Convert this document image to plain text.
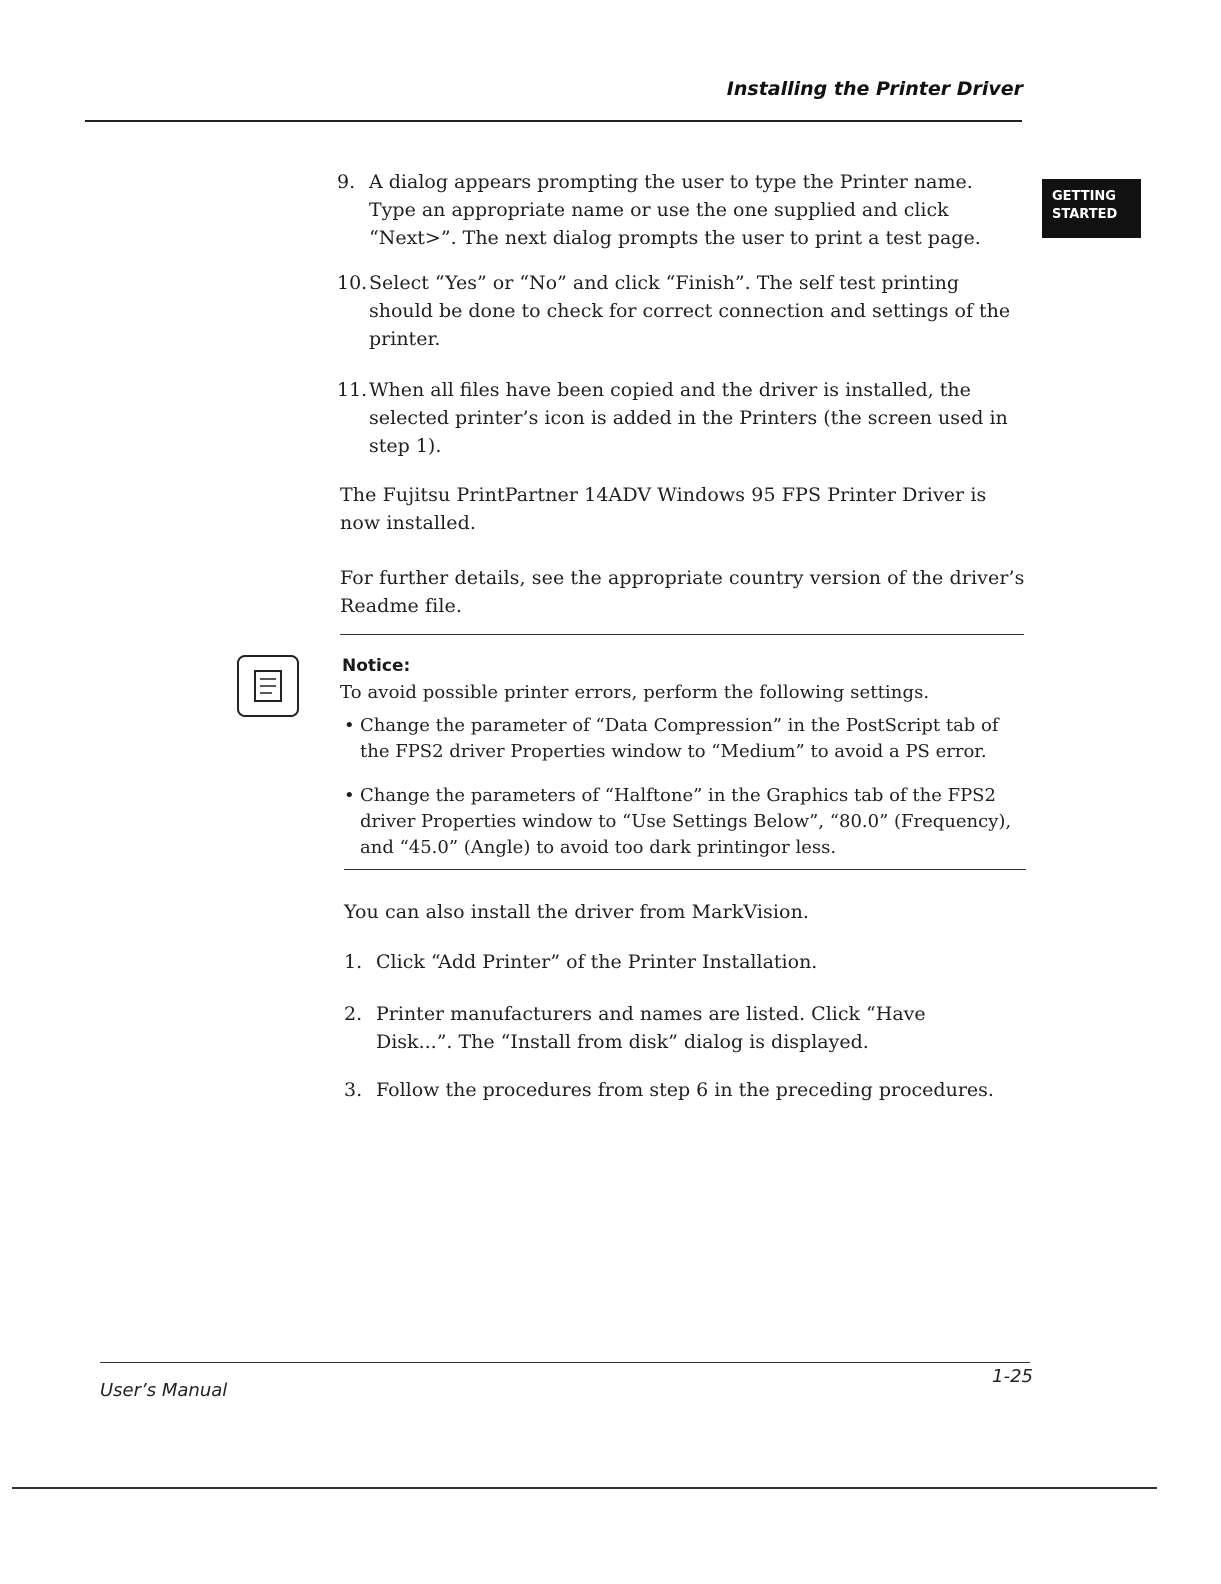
Installing the Printer Driver
GETTING
STARTED
9. A dialog appears prompting the user to type the Printer name. Type an appropriate name or use the one supplied and click “Next>”. The next dialog prompts the user to print a test page.
10. Select “Yes” or “No” and click “Finish”. The self test printing should be done to check for correct connection and settings of the printer.
11. When all files have been copied and the driver is installed, the selected printer’s icon is added in the Printers (the screen used in step 1).
The Fujitsu PrintPartner 14ADV Windows 95 FPS Printer Driver is now installed.
For further details, see the appropriate country version of the driver’s Readme file.
Notice:
To avoid possible printer errors, perform the following settings.
• Change the parameter of “Data Compression” in the PostScript tab of the FPS2 driver Properties window to “Medium” to avoid a PS error.
• Change the parameters of “Halftone” in the Graphics tab of the FPS2 driver Properties window to “Use Settings Below”, “80.0” (Frequency), and “45.0” (Angle) to avoid too dark printingor less.
You can also install the driver from MarkVision.
1. Click “Add Printer” of the Printer Installation.
2. Printer manufacturers and names are listed. Click “Have Disk...”. The “Install from disk” dialog is displayed.
3. Follow the procedures from step 6 in the preceding procedures.
User’s Manual
1-25
